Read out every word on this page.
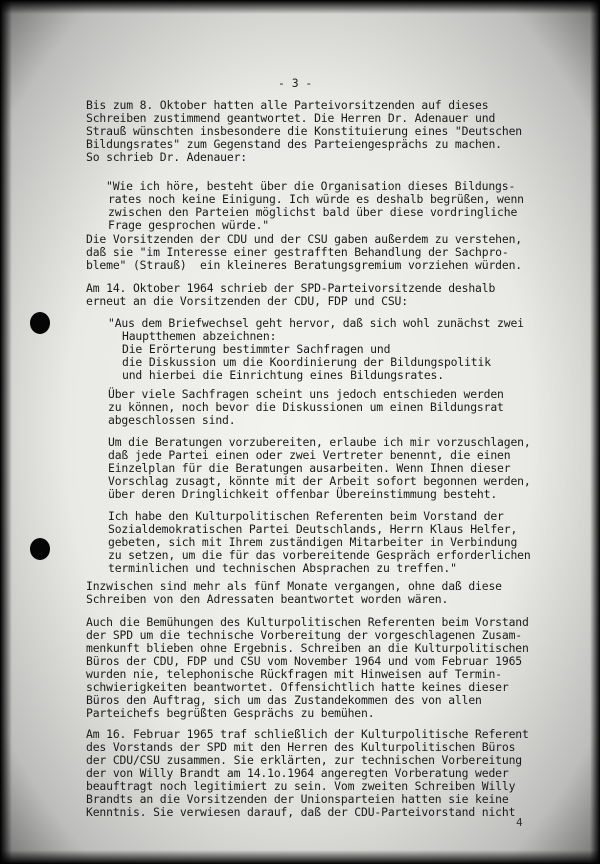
- 3 -

Bis zum 8. Oktober hatten alle Parteivorsitzenden auf dieses

Schreiben zustimmend geantwortet. Die Herren Dr. Adenauer und

Strauß wünschten insbesondere die Konstituierung eines "Deutschen

Bildungsrates" zum Gegenstand des Parteiengesprächs zu machen.

So schrieb Dr. Adenauer:

"Wie ich höre, besteht über die Organisation dieses Bildungs-

rates noch keine Einigung. Ich würde es deshalb begrüßen, wenn

zwischen den Parteien möglichst bald über diese vordringliche

Frage gesprochen würde."

Die Vorsitzenden der CDU und der CSU gaben außerdem zu verstehen,

daß sie "im Interesse einer gestrafften Behandlung der Sachpro-

bleme" (Strauß)  ein kleineres Beratungsgremium vorziehen würden.

Am 14. Oktober 1964 schrieb der SPD-Parteivorsitzende deshalb

erneut an die Vorsitzenden der CDU, FDP und CSU:

"Aus dem Briefwechsel geht hervor, daß sich wohl zunächst zwei

Hauptthemen abzeichnen:

Die Erörterung bestimmter Sachfragen und

die Diskussion um die Koordinierung der Bildungspolitik

und hierbei die Einrichtung eines Bildungsrates.

Über viele Sachfragen scheint uns jedoch entschieden werden

zu können, noch bevor die Diskussionen um einen Bildungsrat

abgeschlossen sind.

Um die Beratungen vorzubereiten, erlaube ich mir vorzuschlagen,

daß jede Partei einen oder zwei Vertreter benennt, die einen

Einzelplan für die Beratungen ausarbeiten. Wenn Ihnen dieser

Vorschlag zusagt, könnte mit der Arbeit sofort begonnen werden,

über deren Dringlichkeit offenbar Übereinstimmung besteht.

Ich habe den Kulturpolitischen Referenten beim Vorstand der

Sozialdemokratischen Partei Deutschlands, Herrn Klaus Helfer,

gebeten, sich mit Ihrem zuständigen Mitarbeiter in Verbindung

zu setzen, um die für das vorbereitende Gespräch erforderlichen

terminlichen und technischen Absprachen zu treffen."

Inzwischen sind mehr als fünf Monate vergangen, ohne daß diese

Schreiben von den Adressaten beantwortet worden wären.

Auch die Bemühungen des Kulturpolitischen Referenten beim Vorstand

der SPD um die technische Vorbereitung der vorgeschlagenen Zusam-

menkunft blieben ohne Ergebnis. Schreiben an die Kulturpolitischen

Büros der CDU, FDP und CSU vom November 1964 und vom Februar 1965

wurden nie, telephonische Rückfragen mit Hinweisen auf Termin-

schwierigkeiten beantwortet. Offensichtlich hatte keines dieser

Büros den Auftrag, sich um das Zustandekommen des von allen

Parteichefs begrüßten Gesprächs zu bemühen.

Am 16. Februar 1965 traf schließlich der Kulturpolitische Referent

des Vorstands der SPD mit den Herren des Kulturpolitischen Büros

der CDU/CSU zusammen. Sie erklärten, zur technischen Vorbereitung

der von Willy Brandt am 14.1o.1964 angeregten Vorberatung weder

beauftragt noch legitimiert zu sein. Vom zweiten Schreiben Willy

Brandts an die Vorsitzenden der Unionsparteien hatten sie keine

Kenntnis. Sie verwiesen darauf, daß der CDU-Parteivorstand nicht

4
